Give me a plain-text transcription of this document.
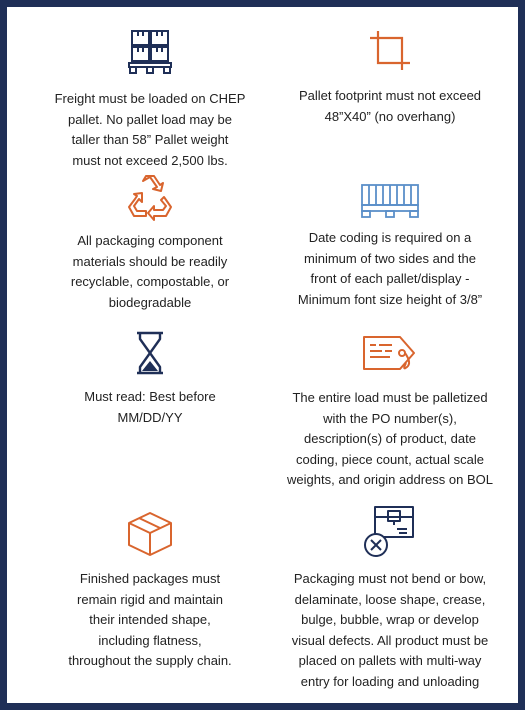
Freight must be loaded on CHEP
pallet. No pallet load may be
taller than 58” Pallet weight
must not exceed 2,500 lbs.

Pallet footprint must not exceed
48”X40” (no overhang)

All packaging component
materials should be readily
recyclable, compostable, or
biodegradable

Date coding is required on a
minimum of two sides and the
front of each pallet/display -
Minimum font size height of 3/8”

Must read: Best before
MM/DD/YY

The entire load must be palletized
with the PO number(s),
description(s) of product, date
coding, piece count, actual scale
weights, and origin address on BOL

Finished packages must
remain rigid and maintain
their intended shape,
including flatness,
throughout the supply chain.

Packaging must not bend or bow,
delaminate, loose shape, crease,
bulge, bubble, wrap or develop
visual defects. All product must be
placed on pallets with multi-way
entry for loading and unloading
